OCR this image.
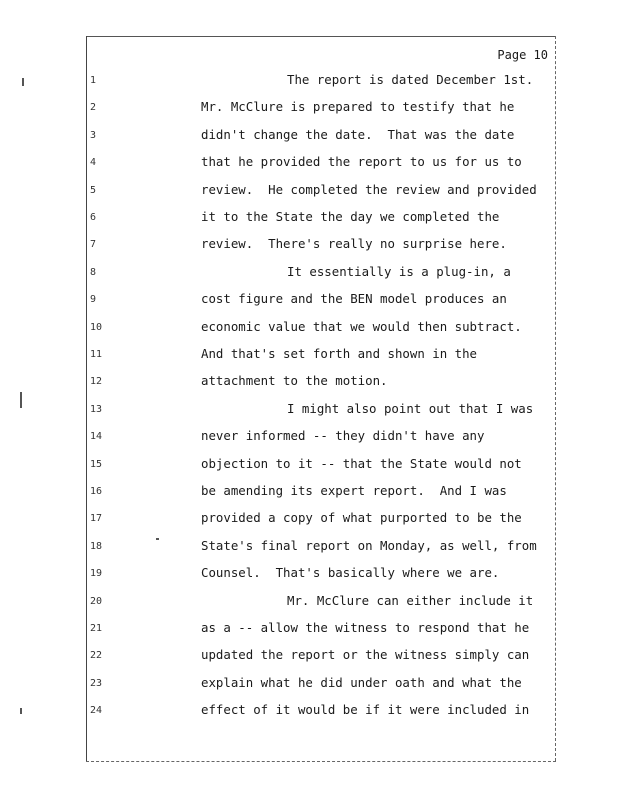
Page 10
1	The report is dated December 1st.
2	Mr. McClure is prepared to testify that he
3	didn't change the date.  That was the date
4	that he provided the report to us for us to
5	review.  He completed the review and provided
6	it to the State the day we completed the
7	review.  There's really no surprise here.
8	It essentially is a plug-in, a
9	cost figure and the BEN model produces an
10	economic value that we would then subtract.
11	And that's set forth and shown in the
12	attachment to the motion.
13	I might also point out that I was
14	never informed -- they didn't have any
15	objection to it -- that the State would not
16	be amending its expert report.  And I was
17	provided a copy of what purported to be the
18	State's final report on Monday, as well, from
19	Counsel.  That's basically where we are.
20	Mr. McClure can either include it
21	as a -- allow the witness to respond that he
22	updated the report or the witness simply can
23	explain what he did under oath and what the
24	effect of it would be if it were included in
